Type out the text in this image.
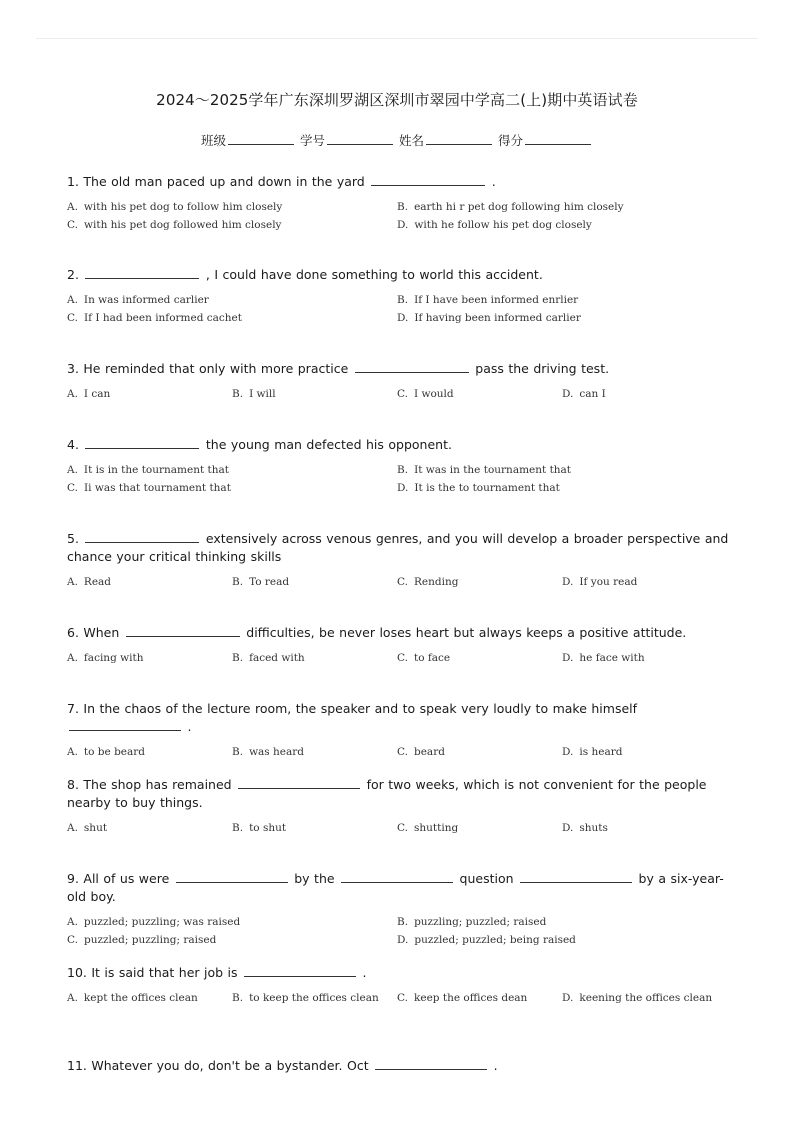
2024～2025学年广东深圳罗湖区深圳市翠园中学高二(上)期中英语试卷
班级	学号	姓名	得分

1. The old man paced up and down in the yard	.

A. with his pet dog to follow him closely	B. earth hi r pet dog following him closely
C. with his pet dog followed him closely	D. with he follow his pet dog closely

2.	, I could have done something to world this accident.

A. In was informed carlier	B. If I have been informed enrlier
C. If I had been informed cachet	D. If having been informed carlier

3. He reminded that only with more practice	pass the driving test.

A. I can	B. I will	C. I would	D. can I

4.	the young man defected his opponent.

A. It is in the tournament that	B. It was in the tournament that
C. Ii was that tournament that	D. It is the to tournament that

5.	extensively across venous genres, and you will develop a broader perspective and chance your critical thinking skills

A. Read	B. To read	C. Rending	D. If you read

6. When	difficulties, be never loses heart but always keeps a positive attitude.

A. facing with	B. faced with	C. to face	D. he face with

7. In the chaos of the lecture room, the speaker and to speak very loudly to make himself  .

A. to be beard	B. was heard	C. beard	D. is heard

8. The shop has remained	for two weeks, which is not convenient for the people nearby to buy things.

A. shut	B. to shut	C. shutting	D. shuts

9. All of us were	by the	question	by a six-year-old boy.

A. puzzled; puzzling; was raised	B. puzzling; puzzled; raised
C. puzzled; puzzling; raised	D. puzzled; puzzled; being raised

10. It is said that her job is	.

A. kept the offices clean	B. to keep the offices clean	C. keep the offices dean	D. keening the offices clean

11. Whatever you do, don't be a bystander. Oct	.
